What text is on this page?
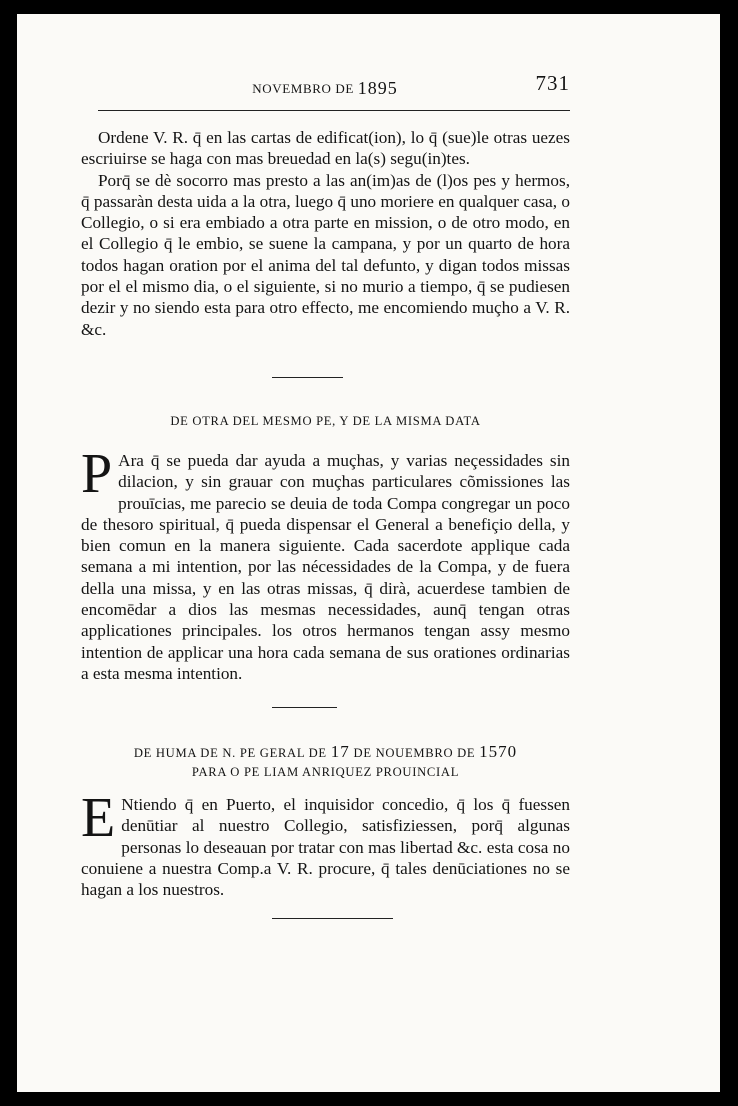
NOVEMBRO DE 1895	731

Ordene V. R. q̄ en las cartas de edificat(ion), lo q̄ (sue)le otras uezes escriuirse se haga con mas breuedad en la(s) segu(in)tes.

Porq̄ se dè socorro mas presto a las an(im)as de (l)os pes y hermos, q̄ passaràn desta uida a la otra, luego q̄ uno moriere en qualquer casa, o Collegio, o si era embiado a otra parte en mission, o de otro modo, en el Collegio q̄ le embio, se suene la campana, y por un quarto de hora todos hagan oration por el anima del tal defunto, y digan todos missas por el el mismo dia, o el siguiente, si no murio a tiempo, q̄ se pudiesen dezir y no siendo esta para otro effecto, me encomiendo muçho a V. R. &c.

DE OTRA DEL MESMO PE, Y DE LA MISMA DATA
P Ara q̄ se pueda dar ayuda a muçhas, y varias neçessidades sin dilacion, y sin grauar con muçhas particulares cõmissiones las prouīcias, me parecio se deuia de toda Compa congregar un poco de thesoro spiritual, q̄ pueda dispensar el General a benefiçio della, y bien comun en la manera siguiente. Cada sacerdote applique cada semana a mi intention, por las nécessidades de la Compa, y de fuera della una missa, y en las otras missas, q̄ dirà, acuerdese tambien de encomēdar a dios las mesmas necessidades, aunq̄ tengan otras applicationes principales. los otros hermanos tengan assy mesmo intention de applicar una hora cada semana de sus orationes ordinarias a esta mesma intention.
DE HUMA DE N. PE GERAL DE 17 DE NOUEMBRO DE 1570
PARA O PE LIAM ANRIQUEZ PROUINCIAL
E Ntiendo q̄ en Puerto, el inquisidor concedio, q̄ los q̄ fuessen denūtiar al nuestro Collegio, satisfiziessen, porq̄ algunas personas lo deseauan por tratar con mas libertad &c. esta cosa no conuiene a nuestra Comp.a V. R. procure, q̄ tales denūciationes no se hagan a los nuestros.
